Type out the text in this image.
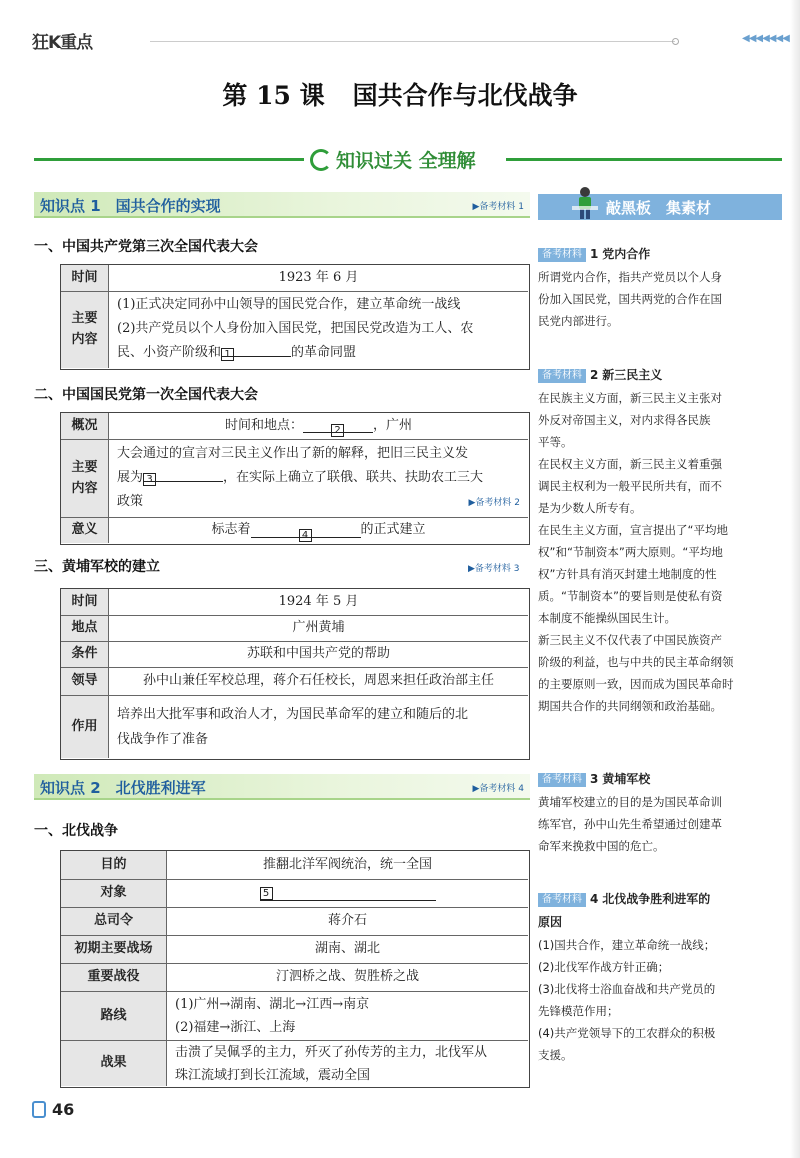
狂K重点	◀◀◀◀◀◀◀
第 15 课 国共合作与北伐战争
知识过关 全理解
知识点 1　国共合作的实现	▶备考材料 1
一、中国共产党第三次全国代表大会
时间	1923 年 6 月
主要内容
(1)正式决定同孙中山领导的国民党合作，建立革命统一战线
(2)共产党员以个人身份加入国民党，把国民党改造为工人、农
民、小资产阶级和 1	的革命同盟
二、中国国民党第一次全国代表大会
概况	时间和地点：	2	，广州
主要内容
大会通过的宣言对三民主义作出了新的解释，把旧三民主义发
展为 3	，在实际上确立了联俄、联共、扶助农工三大
政策	▶备考材料 2
意义	标志着	4	的正式建立
三、黄埔军校的建立	▶备考材料 3
时间	1924 年 5 月
地点	广州黄埔
条件	苏联和中国共产党的帮助
领导	孙中山兼任军校总理，蒋介石任校长，周恩来担任政治部主任
作用
培养出大批军事和政治人才，为国民革命军的建立和随后的北
伐战争作了准备
知识点 2　北伐胜利进军	▶备考材料 4
一、北伐战争
目的	推翻北洋军阀统治，统一全国
对象	5
总司令	蒋介石
初期主要战场	湖南、湖北
重要战役	汀泗桥之战、贺胜桥之战
路线
(1)广州→湖南、湖北→江西→南京
(2)福建→浙江、上海
战果
击溃了吴佩孚的主力，歼灭了孙传芳的主力，北伐军从
珠江流域打到长江流域，震动全国
敲黑板　集素材
备考材料 1 党内合作

所谓党内合作，指共产党员以个人身

份加入国民党，国共两党的合作在国

民党内部进行。

备考材料 2 新三民主义

在民族主义方面，新三民主义主张对

外反对帝国主义，对内求得各民族

平等。

在民权主义方面，新三民主义着重强

调民主权利为一般平民所共有，而不

是为少数人所专有。

在民生主义方面，宣言提出了“平均地

权”和“节制资本”两大原则。“平均地

权”方针具有消灭封建土地制度的性

质。“节制资本”的要旨则是使私有资

本制度不能操纵国民生计。

新三民主义不仅代表了中国民族资产

阶级的利益，也与中共的民主革命纲领

的主要原则一致，因而成为国民革命时

期国共合作的共同纲领和政治基础。

备考材料 3 黄埔军校

黄埔军校建立的目的是为国民革命训

练军官，孙中山先生希望通过创建革

命军来挽救中国的危亡。

备考材料 4 北伐战争胜利进军的
原因

(1)国共合作，建立革命统一战线；

(2)北伐军作战方针正确；

(3)北伐将士浴血奋战和共产党员的

先锋模范作用；

(4)共产党领导下的工农群众的积极

支援。

46
